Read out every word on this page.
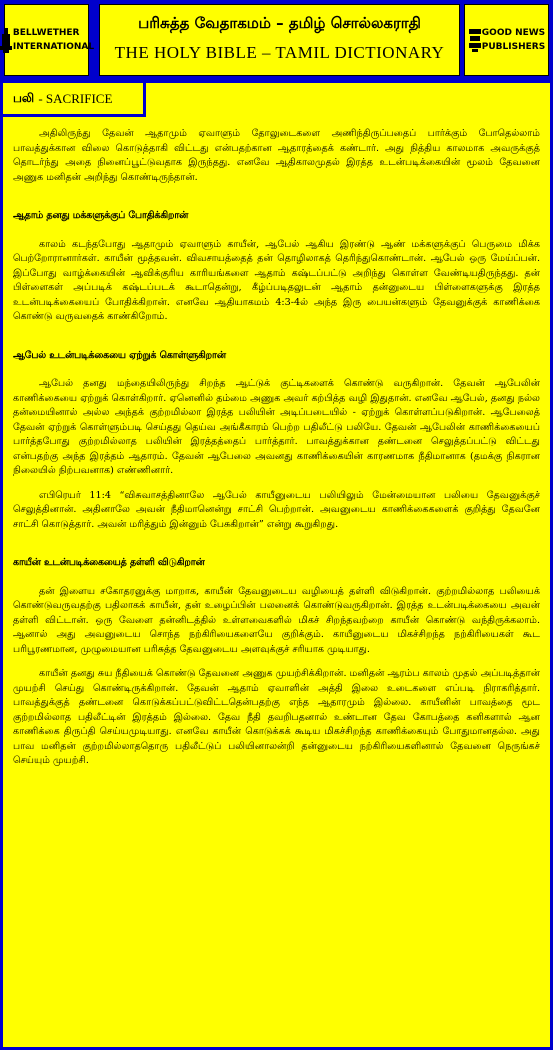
BELLWETHER
INTERNATIONAL
பரிசுத்த வேதாகமம் – தமிழ் சொல்லகராதி
THE HOLY BIBLE – TAMIL DICTIONARY
GOOD NEWS
PUBLISHERS
பலி
- SACRIFICE

அதிலிருந்து தேவன் ஆதாமும் ஏவாளும் தோலுடைகளை அணிந்திருப்பதைப் பார்க்கும் போதெல்லாம் பாவத்துக்கான விலை கொடுத்தாகி விட்டது என்பதற்கான ஆதாரத்தைக் கண்டார். அது நித்திய காலமாக அவருக்குத் தொடர்ந்து அதை நினைப்பூட்டுவதாக இருந்தது. எனவே ஆதிகாலமுதல் இரத்த உடன்படிக்கையின் மூலம் தேவனை அணுக மனிதன் அறிந்து கொண்டிருந்தான்.

ஆதாம் தனது மக்களுக்குப் போதிக்கிறான்

காலம் கடந்தபோது ஆதாமும் ஏவாளும் காயீன், ஆபேல் ஆகிய இரண்டு ஆண் மக்களுக்குப் பெருமை மிக்க பெற்றோரானார்கள். காயீன் மூத்தவன். விவசாயத்தைத் தன் தொழிலாகத் தெரிந்துகொண்டான். ஆபேல் ஒரு மேய்ப்பன். இப்போது வாழ்க்கையின் ஆவிக்குரிய காரியங்களை ஆதாம் கஷ்டப்பட்டு அறிந்து கொள்ள வேண்டியதிருந்தது. தன் பிள்ளைகள் அப்படிக் கஷ்டப்படக் கூடாதென்று, கீழ்ப்படிதலுடன் ஆதாம் தன்னுடைய பிள்ளைகளுக்கு இரத்த உடன்படிக்கையைப் போதிக்கிறான். எனவே ஆதியாகமம் 4:3-4ல் அந்த இரு பையன்களும் தேவனுக்குக் காணிக்கை கொண்டு வருவதைக் காண்கிறோம்.

ஆபேல் உடன்படிக்கையை ஏற்றுக் கொள்ளுகிறான்

ஆபேல் தனது மந்தையிலிருந்து சிறந்த ஆட்டுக் குட்டிகளைக் கொண்டு வருகிறான். தேவன் ஆபேலின் காணிக்கையை ஏற்றுக் கொள்கிறார். ஏனெனில் தம்மை அணுக அவர் கற்பித்த வழி இதுதான். எனவே ஆபேல், தனது நல்ல தன்மையினால் அல்ல அந்தக் குற்றமில்லா இரத்த பலியின் அடிப்படையில் - ஏற்றுக் கொள்ளப்படுகிறான். ஆபேலைத் தேவன் ஏற்றுக் கொள்ளும்படி செய்தது தெய்வ அங்கீகாரம் பெற்ற பதிலீட்டு பலியே. தேவன் ஆபேலின் காணிக்கையைப் பார்த்தபோது குற்றமில்லாத பலியின் இரத்தத்தைப் பார்த்தார். பாவத்துக்கான தண்டனை செலுத்தப்பட்டு விட்டது என்பதற்கு அந்த இரத்தம் ஆதாரம். தேவன் ஆபேலை அவனது காணிக்கையின் காரணமாக நீதிமானாக (தமக்கு நிகரான நிலையில் நிற்பவனாக) எண்ணினார்.

எபிரெயர் 11:4 “விசுவாசத்தினாலே ஆபேல் காயீனுடைய பலியிலும் மேன்மையான பலியை தேவனுக்குச் செலுத்தினான். அதினாலே அவன் நீதிமானென்று சாட்சி பெற்றான். அவனுடைய காணிக்கைகளைக் குறித்து தேவனே சாட்சி கொடுத்தார். அவன் மரித்தும் இன்னும் பேசுகிறான்” என்று கூறுகிறது.

காயீன் உடன்படிக்கையைத் தள்ளி விடுகிறான்

தன் இளைய சகோதரனுக்கு மாறாக, காயீன் தேவனுடைய வழியைத் தள்ளி விடுகிறான். குற்றமில்லாத பலியைக் கொண்டுவருவதற்கு பதிலாகக் காயீன், தன் உழைப்பின் பலனைக் கொண்டுவருகிறான். இரத்த உடன்படிக்கையை அவன் தள்ளி விட்டான். ஒரு வேளை தன்னிடத்தில் உள்ளவைகளில் மிகச் சிறந்தவற்றை காயீன் கொண்டு வந்திருக்கலாம். ஆனால் அது அவனுடைய சொந்த நற்கிரியைகளையே குறிக்கும். காயீனுடைய மிகச்சிறந்த நற்கிரியைகள் கூட பரிபூரணமான, முழுமையான பரிசுத்த தேவனுடைய அளவுக்குச் சரியாக முடியாது.

காயீன் தனது சுய நீதியைக் கொண்டு தேவனை அணுக முயற்சிக்கிறான். மனிதன் ஆரம்ப காலம் முதல் அப்படித்தான் முயற்சி செய்து கொண்டிருக்கிறான். தேவன் ஆதாம் ஏவாளின் அத்தி இலை உடைகளை எப்படி நிராகரித்தார். பாவத்துக்குத் தண்டனை கொடுக்கப்பட்டுவிட்டதென்பதற்கு எந்த ஆதாரமும் இல்லை. காயீனின் பாவத்தை மூட குற்றமில்லாத பதிலீட்டின் இரத்தம் இல்லை. தேவ நீதி தவறிபதனால் உண்டான தேவ கோபத்தை கனிகளால் ஆன காணிக்கை திருப்தி செய்யமுடியாது. எனவே காயீன் கொடுக்கக் கூடிய மிகச்சிறந்த காணிக்கையும் போதுமானதல்ல. அது பாவ மனிதன் குற்றமில்லாததொரு பதிலீட்டுப் பலியினாலன்றி தன்னுடைய நற்கிரியைகளினால் தேவனை நெருங்கச் செய்யும் முயற்சி.
